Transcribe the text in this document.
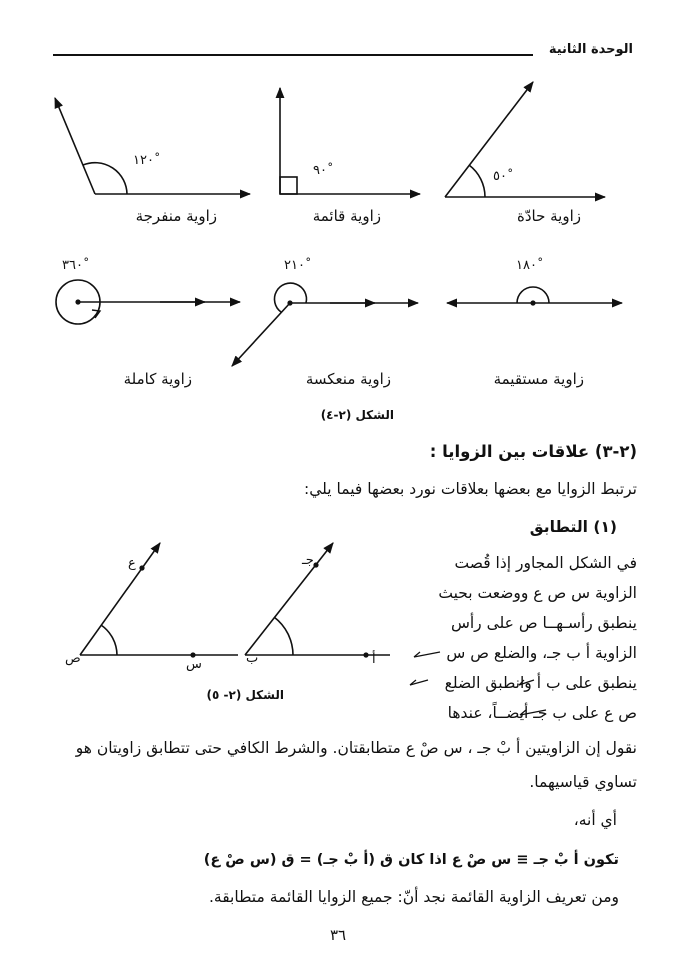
الوحدة الثانية
١٢٠ْ
٩٠ْ	٥٠ْ
زاوية منفرجة	زاوية قائمة	زاوية حادّة
٣٦٠ْ	٢١٠ْ	١٨٠ْ
زاوية كاملة	زاوية منعكسة	زاوية مستقيمة
الشكل (٢-٤)
(٢-٣) علاقات بين الزوايا :
ترتبط الزوايا مع بعضها بعلاقات نورد بعضها فيما يلي:
(١) التطابق
في الشكل المجاور إذا قُصت
الزاوية س ص ع ووضعت بحيث
ينطبق رأسـهــا ص على رأس
الزاوية أ ب جـ، والضلع ص س
ينطبق على ب أ وانطبق الضلع
ص ع على ب جـ أيضــاً، عندها
ع
ص	س
جـ
ب	أ
الشكل (٢- ٥)
نقول إن الزاويتين أ بْ جـ ، س صْ ع متطابقتان. والشرط الكافي حتى تتطابق زاويتان هو
تساوي قياسيهما.
أي أنه،
تكون أ بْ جـ ≡ س صْ ع اذا كان ق (أ بْ جـ) = ق (س صْ ع)
ومن تعريف الزاوية القائمة نجد أنّ: جميع الزوايا القائمة متطابقة.
٣٦
